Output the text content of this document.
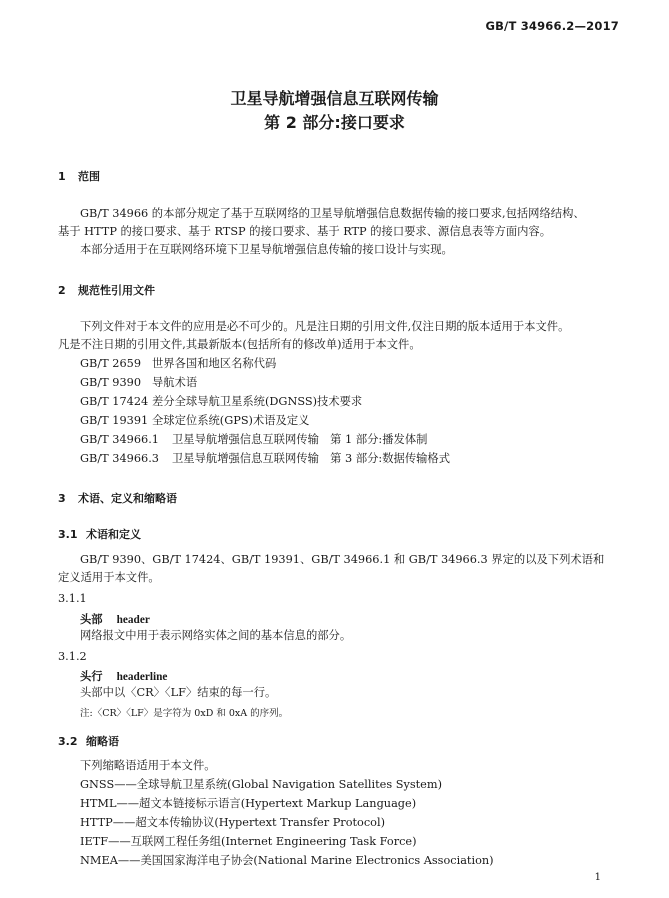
GB/T 34966.2—2017
卫星导航增强信息互联网传输
第 2 部分:接口要求
1 范围
GB/T 34966 的本部分规定了基于互联网络的卫星导航增强信息数据传输的接口要求,包括网络结构、
基于 HTTP 的接口要求、基于 RTSP 的接口要求、基于 RTP 的接口要求、源信息表等方面内容。
本部分适用于在互联网络环境下卫星导航增强信息传输的接口设计与实现。
2 规范性引用文件
下列文件对于本文件的应用是必不可少的。凡是注日期的引用文件,仅注日期的版本适用于本文件。
凡是不注日期的引用文件,其最新版本(包括所有的修改单)适用于本文件。
GB/T 2659 世界各国和地区名称代码
GB/T 9390 导航术语
GB/T 17424 差分全球导航卫星系统(DGNSS)技术要求
GB/T 19391 全球定位系统(GPS)术语及定义
GB/T 34966.1 卫星导航增强信息互联网传输　第 1 部分:播发体制
GB/T 34966.3 卫星导航增强信息互联网传输　第 3 部分:数据传输格式
3 术语、定义和缩略语
3.1 术语和定义
GB/T 9390、GB/T 17424、GB/T 19391、GB/T 34966.1 和 GB/T 34966.3 界定的以及下列术语和
定义适用于本文件。
3.1.1
头部 header
网络报文中用于表示网络实体之间的基本信息的部分。
3.1.2
头行 headerline
头部中以〈CR〉〈LF〉结束的每一行。
注:〈CR〉〈LF〉是字符为 0xD 和 0xA 的序列。
3.2 缩略语
下列缩略语适用于本文件。
GNSS——全球导航卫星系统(Global Navigation Satellites System)
HTML——超文本链接标示语言(Hypertext Markup Language)
HTTP——超文本传输协议(Hypertext Transfer Protocol)
IETF——互联网工程任务组(Internet Engineering Task Force)
NMEA——美国国家海洋电子协会(National Marine Electronics Association)
1
